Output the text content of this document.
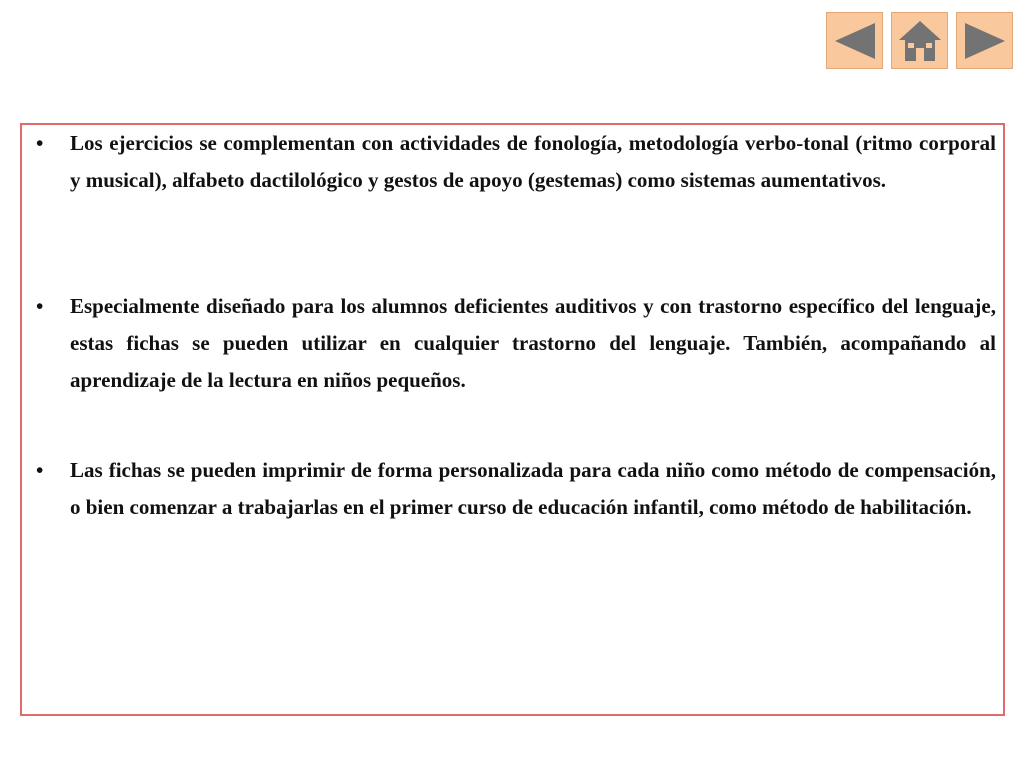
• Los ejercicios se complementan con actividades de fonología, metodología verbo-tonal (ritmo corporal y musical), alfabeto dactilológico y gestos de apoyo (gestemas) como sistemas aumentativos.
• Especialmente diseñado para los alumnos deficientes auditivos y con trastorno específico del lenguaje, estas fichas se pueden utilizar en cualquier trastorno del lenguaje. También, acompañando al aprendizaje de la lectura en niños pequeños.
• Las fichas se pueden imprimir de forma personalizada para cada niño como método de compensación, o bien comenzar a trabajarlas en el primer curso de educación infantil, como método de habilitación.
